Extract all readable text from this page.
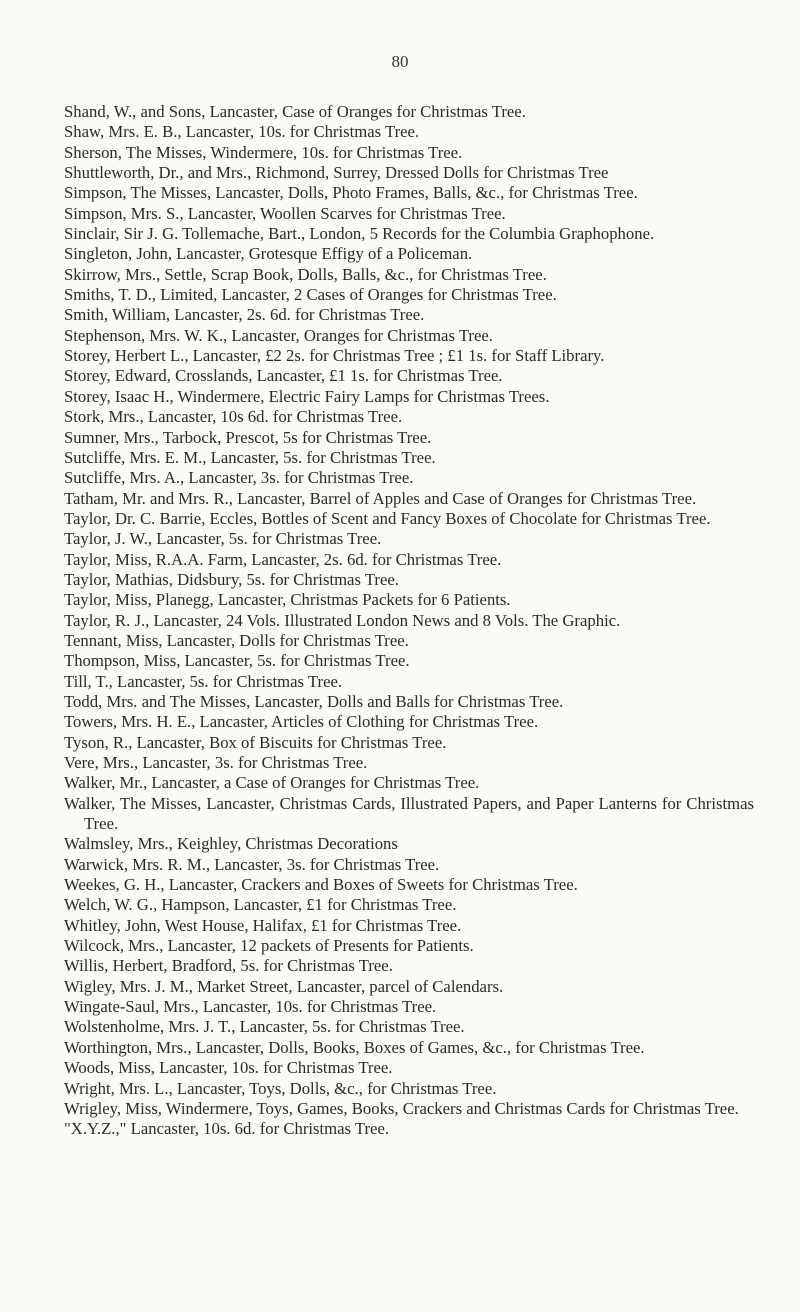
80
Shand, W., and Sons, Lancaster, Case of Oranges for Christmas Tree.
Shaw, Mrs. E. B., Lancaster, 10s. for Christmas Tree.
Sherson, The Misses, Windermere, 10s. for Christmas Tree.
Shuttleworth, Dr., and Mrs., Richmond, Surrey, Dressed Dolls for Christmas Tree
Simpson, The Misses, Lancaster, Dolls, Photo Frames, Balls, &c., for Christmas Tree.
Simpson, Mrs. S., Lancaster, Woollen Scarves for Christmas Tree.
Sinclair, Sir J. G. Tollemache, Bart., London, 5 Records for the Columbia Graphophone.
Singleton, John, Lancaster, Grotesque Effigy of a Policeman.
Skirrow, Mrs., Settle, Scrap Book, Dolls, Balls, &c., for Christmas Tree.
Smiths, T. D., Limited, Lancaster, 2 Cases of Oranges for Christmas Tree.
Smith, William, Lancaster, 2s. 6d. for Christmas Tree.
Stephenson, Mrs. W. K., Lancaster, Oranges for Christmas Tree.
Storey, Herbert L., Lancaster, £2 2s. for Christmas Tree ; £1 1s. for Staff Library.
Storey, Edward, Crosslands, Lancaster, £1 1s. for Christmas Tree.
Storey, Isaac H., Windermere, Electric Fairy Lamps for Christmas Trees.
Stork, Mrs., Lancaster, 10s 6d. for Christmas Tree.
Sumner, Mrs., Tarbock, Prescot, 5s for Christmas Tree.
Sutcliffe, Mrs. E. M., Lancaster, 5s. for Christmas Tree.
Sutcliffe, Mrs. A., Lancaster, 3s. for Christmas Tree.
Tatham, Mr. and Mrs. R., Lancaster, Barrel of Apples and Case of Oranges for Christmas Tree.
Taylor, Dr. C. Barrie, Eccles, Bottles of Scent and Fancy Boxes of Chocolate for Christmas Tree.
Taylor, J. W., Lancaster, 5s. for Christmas Tree.
Taylor, Miss, R.A.A. Farm, Lancaster, 2s. 6d. for Christmas Tree.
Taylor, Mathias, Didsbury, 5s. for Christmas Tree.
Taylor, Miss, Planegg, Lancaster, Christmas Packets for 6 Patients.
Taylor, R. J., Lancaster, 24 Vols. Illustrated London News and 8 Vols. The Graphic.
Tennant, Miss, Lancaster, Dolls for Christmas Tree.
Thompson, Miss, Lancaster, 5s. for Christmas Tree.
Till, T., Lancaster, 5s. for Christmas Tree.
Todd, Mrs. and The Misses, Lancaster, Dolls and Balls for Christmas Tree.
Towers, Mrs. H. E., Lancaster, Articles of Clothing for Christmas Tree.
Tyson, R., Lancaster, Box of Biscuits for Christmas Tree.
Vere, Mrs., Lancaster, 3s. for Christmas Tree.
Walker, Mr., Lancaster, a Case of Oranges for Christmas Tree.
Walker, The Misses, Lancaster, Christmas Cards, Illustrated Papers, and Paper Lanterns for Christmas Tree.
Walmsley, Mrs., Keighley, Christmas Decorations
Warwick, Mrs. R. M., Lancaster, 3s. for Christmas Tree.
Weekes, G. H., Lancaster, Crackers and Boxes of Sweets for Christmas Tree.
Welch, W. G., Hampson, Lancaster, £1 for Christmas Tree.
Whitley, John, West House, Halifax, £1 for Christmas Tree.
Wilcock, Mrs., Lancaster, 12 packets of Presents for Patients.
Willis, Herbert, Bradford, 5s. for Christmas Tree.
Wigley, Mrs. J. M., Market Street, Lancaster, parcel of Calendars.
Wingate-Saul, Mrs., Lancaster, 10s. for Christmas Tree.
Wolstenholme, Mrs. J. T., Lancaster, 5s. for Christmas Tree.
Worthington, Mrs., Lancaster, Dolls, Books, Boxes of Games, &c., for Christmas Tree.
Woods, Miss, Lancaster, 10s. for Christmas Tree.
Wright, Mrs. L., Lancaster, Toys, Dolls, &c., for Christmas Tree.
Wrigley, Miss, Windermere, Toys, Games, Books, Crackers and Christmas Cards for Christmas Tree.
"X.Y.Z.," Lancaster, 10s. 6d. for Christmas Tree.
